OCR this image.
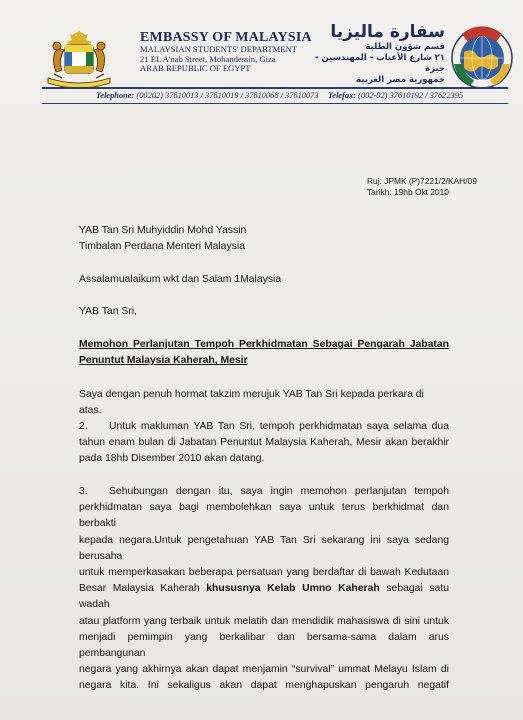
EMBASSY OF MALAYSIA
MALAYSIAN STUDENTS' DEPARTMENT
21 EL A'nab Street, Mohandessin, Giza
ARAB REPUBLIC OF EGYPT
سفارة ماليزيا
قسم شؤون الطلبة
٢١ شارع الأعناب - المهندسين - جيزة
جمهورية مصر العربية
Telephone: (00202) 37610013 / 37610019 / 37610068 / 37610073 Telefax: (002-02) 37610192 / 37622395
Ruj: JPMK (P)7221/2/KAH/09
Tarikh: 19hb Okt 2010

YAB Tan Sri Muhyiddin Mohd Yassin

Timbalan Perdana Menteri Malaysia

Assalamualaikum wkt dan Salam 1Malaysia
YAB Tan Sri,

Memohon Perlanjutan Tempoh Perkhidmatan Sebagai Pengarah Jabatan

Penuntut Malaysia Kaherah, Mesir

Saya dengan penuh hormat takzim merujuk YAB Tan Sri kepada perkara di atas.

2. Untuk makluman YAB Tan Sri, tempoh perkhidmatan saya selama dua

tahun enam bulan di Jabatan Penuntut Malaysia Kaherah, Mesir akan berakhir

pada 18hb Disember 2010 akan datang.

3. Sehubungan dengan itu, saya ingin memohon perlanjutan tempoh

perkhidmatan saya bagi membolehkan saya untuk terus berkhidmat dan berbakti

kepada negara.Untuk pengetahuan YAB Tan Sri sekarang ini saya sedang berusaha

untuk memperkasakan beberapa persatuan yang berdaftar di bawah Kedutaan

Besar Malaysia Kaherah khususnya Kelab Umno Kaherah sebagai satu wadah

atau platform yang terbaik untuk melatih dan mendidik mahasiswa di sini untuk

menjadi pemimpin yang berkalibar dan bersama-sama dalam arus pembangunan

negara yang akhirnya akan dapat menjamin “survival” ummat Melayu Islam di

negara kita. Ini sekaligus akan dapat menghapuskan pengaruh negatif
